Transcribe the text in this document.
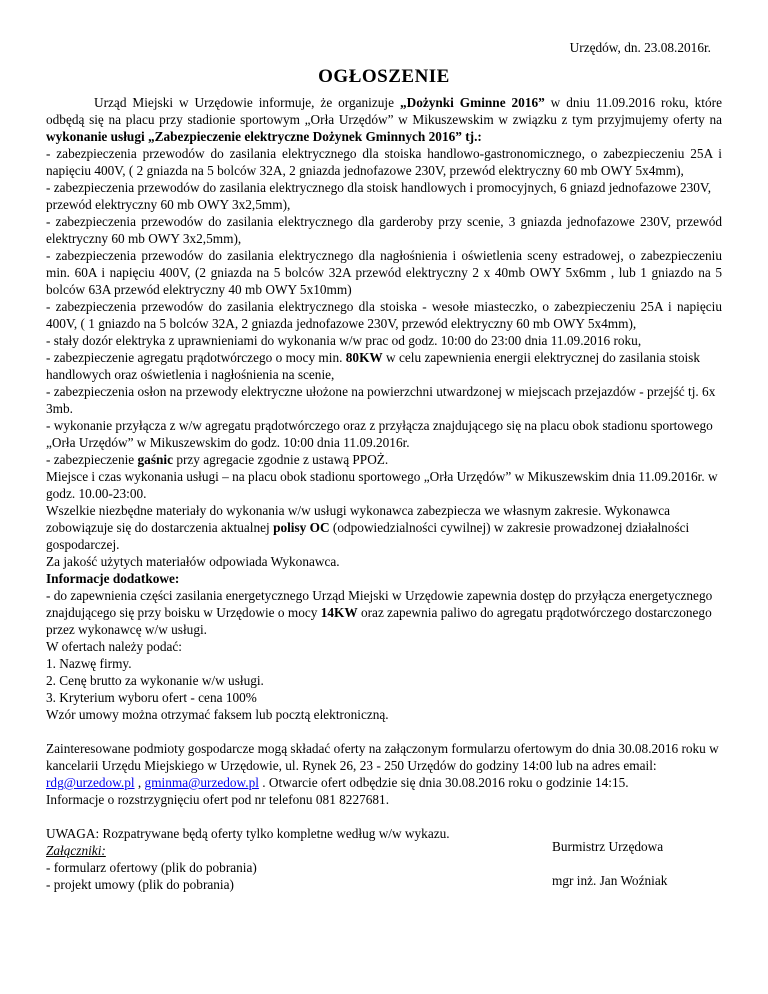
Urzędów, dn. 23.08.2016r.
OGŁOSZENIE

Urząd Miejski w Urzędowie informuje, że organizuje „Dożynki Gminne 2016” w dniu 11.09.2016 roku, które odbędą się na placu przy stadionie sportowym „Orła Urzędów” w Mikuszewskim w związku z tym przyjmujemy oferty na wykonanie usługi „Zabezpieczenie elektryczne Dożynek Gminnych 2016” tj.:

- zabezpieczenia przewodów do zasilania elektrycznego dla stoiska handlowo-gastronomicznego, o zabezpieczeniu 25A i napięciu 400V, ( 2 gniazda na 5 bolców 32A, 2 gniazda jednofazowe 230V, przewód elektryczny 60 mb OWY 5x4mm),

- zabezpieczenia przewodów do zasilania elektrycznego dla stoisk handlowych i promocyjnych, 6 gniazd jednofazowe 230V, przewód elektryczny 60 mb OWY 3x2,5mm),

- zabezpieczenia przewodów do zasilania elektrycznego dla garderoby przy scenie, 3 gniazda jednofazowe 230V, przewód elektryczny 60 mb OWY 3x2,5mm),

- zabezpieczenia przewodów do zasilania elektrycznego dla nagłośnienia i oświetlenia sceny estradowej, o zabezpieczeniu min. 60A i napięciu 400V, (2 gniazda na 5 bolców 32A przewód elektryczny 2 x 40mb OWY 5x6mm , lub 1 gniazdo na 5 bolców 63A przewód elektryczny 40 mb OWY 5x10mm)

- zabezpieczenia przewodów do zasilania elektrycznego dla stoiska - wesołe miasteczko, o zabezpieczeniu 25A i napięciu 400V, ( 1 gniazdo na 5 bolców 32A, 2 gniazda jednofazowe 230V, przewód elektryczny 60 mb OWY 5x4mm),

- stały dozór elektryka z uprawnieniami do wykonania w/w prac od godz. 10:00 do 23:00 dnia 11.09.2016 roku,

- zabezpieczenie agregatu prądotwórczego o mocy min. 80KW w celu zapewnienia energii elektrycznej do zasilania stoisk handlowych oraz oświetlenia i nagłośnienia na scenie,

- zabezpieczenia osłon na przewody elektryczne ułożone na powierzchni utwardzonej w miejscach przejazdów - przejść tj. 6x 3mb.

- wykonanie przyłącza z w/w agregatu prądotwórczego oraz z przyłącza znajdującego się na placu obok stadionu sportowego „Orła Urzędów” w Mikuszewskim do godz. 10:00 dnia 11.09.2016r.

- zabezpieczenie gaśnic przy agregacie zgodnie z ustawą PPOŻ.

Miejsce i czas wykonania usługi – na placu obok stadionu sportowego „Orła Urzędów” w Mikuszewskim dnia 11.09.2016r. w godz. 10.00-23:00.

Wszelkie niezbędne materiały do wykonania w/w usługi wykonawca zabezpiecza we własnym zakresie. Wykonawca zobowiązuje się do dostarczenia aktualnej polisy OC (odpowiedzialności cywilnej) w zakresie prowadzonej działalności gospodarczej.

Za jakość użytych materiałów odpowiada Wykonawca.

Informacje dodatkowe:

- do zapewnienia części zasilania energetycznego Urząd Miejski w Urzędowie zapewnia dostęp do przyłącza energetycznego znajdującego się przy boisku w Urzędowie o mocy 14KW oraz zapewnia paliwo do agregatu prądotwórczego dostarczonego przez wykonawcę w/w usługi.

W ofertach należy podać:

1. Nazwę firmy.

2. Cenę brutto za wykonanie w/w usługi.

3. Kryterium wyboru ofert - cena 100%

Wzór umowy można otrzymać faksem lub pocztą elektroniczną.

Zainteresowane podmioty gospodarcze mogą składać oferty na załączonym formularzu ofertowym do dnia 30.08.2016 roku w kancelarii Urzędu Miejskiego w Urzędowie, ul. Rynek 26, 23 - 250 Urzędów do godziny 14:00 lub na adres email: rdg@urzedow.pl , gminma@urzedow.pl . Otwarcie ofert odbędzie się dnia 30.08.2016 roku o godzinie 14:15.

Informacje o rozstrzygnięciu ofert pod nr telefonu 081 8227681.

UWAGA: Rozpatrywane będą oferty tylko kompletne według w/w wykazu.

Załączniki:

- formularz ofertowy (plik do pobrania)

- projekt umowy (plik do pobrania)

Burmistrz Urzędowa
mgr inż. Jan Woźniak
